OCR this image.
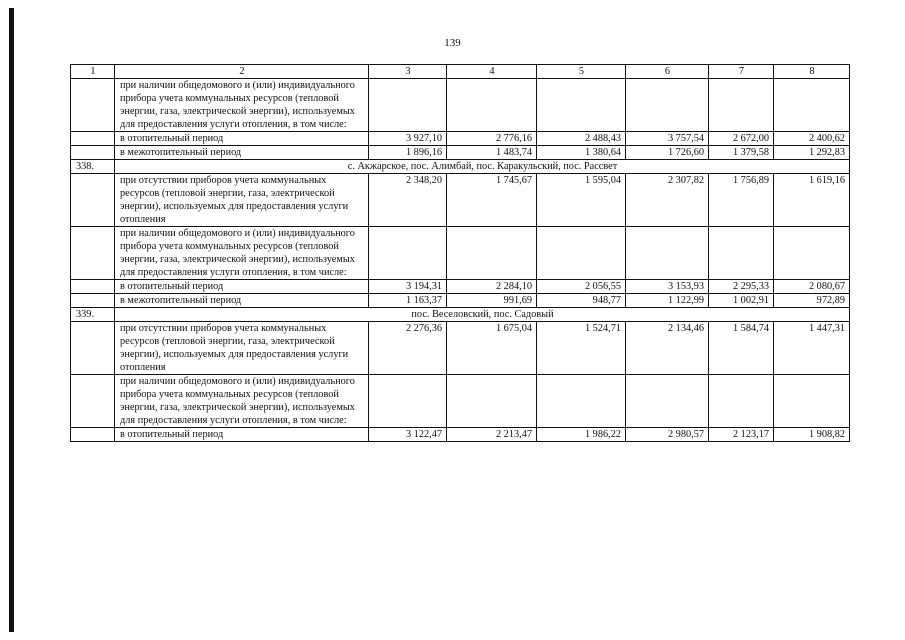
139
1	2	3	4	5	6	7	8
	при наличии общедомового и (или) индивидуального прибора учета коммунальных ресурсов (тепловой энергии, газа, электрической энергии), используемых для предоставления услуги отопления, в том числе:						
	в отопительный период	3 927,10	2 776,16	2 488,43	3 757,54	2 672,00	2 400,62
	в межотопительный период	1 896,16	1 483,74	1 380,64	1 726,60	1 379,58	1 292,83
338.	с. Акжарское, пос. Алимбай, пос. Каракульский, пос. Рассвет						
	при отсутствии приборов учета коммунальных ресурсов (тепловой энергии, газа, электрической энергии), используемых для предоставления услуги отопления	2 348,20	1 745,67	1 595,04	2 307,82	1 756,89	1 619,16
	при наличии общедомового и (или) индивидуального прибора учета коммунальных ресурсов (тепловой энергии, газа, электрической энергии), используемых для предоставления услуги отопления, в том числе:						
	в отопительный период	3 194,31	2 284,10	2 056,55	3 153,93	2 295,33	2 080,67
	в межотопительный период	1 163,37	991,69	948,77	1 122,99	1 002,91	972,89
339.	пос. Веселовский, пос. Садовый						
	при отсутствии приборов учета коммунальных ресурсов (тепловой энергии, газа, электрической энергии), используемых для предоставления услуги отопления	2 276,36	1 675,04	1 524,71	2 134,46	1 584,74	1 447,31
	при наличии общедомового и (или) индивидуального прибора учета коммунальных ресурсов (тепловой энергии, газа, электрической энергии), используемых для предоставления услуги отопления, в том числе:						
	в отопительный период	3 122,47	2 213,47	1 986,22	2 980,57	2 123,17	1 908,82
